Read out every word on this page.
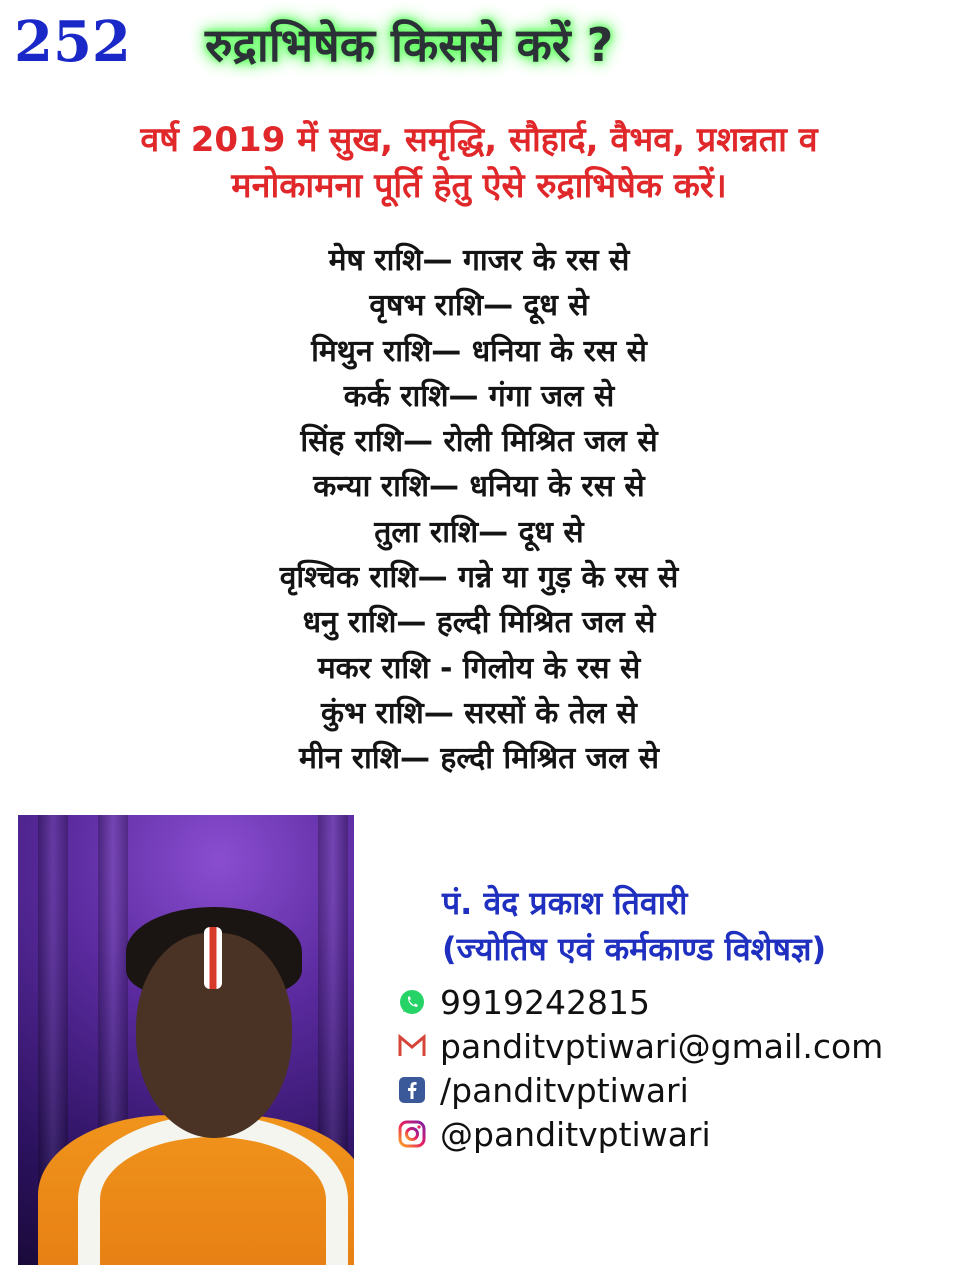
252 रुद्राभिषेक किससे करें ?
वर्ष 2019 में सुख, समृद्धि, सौहार्द, वैभव, प्रशन्नता व
मनोकामना पूर्ति हेतु ऐसे रुद्राभिषेक करें।
मेष राशि— गाजर के रस से
वृषभ राशि— दूध से
मिथुन राशि— धनिया के रस से
कर्क राशि— गंगा जल से
सिंह राशि— रोली मिश्रित जल से
कन्या राशि— धनिया के रस से
तुला राशि— दूध से
वृश्चिक राशि— गन्ने या गुड़ के रस से
धनु राशि— हल्दी मिश्रित जल से
मकर राशि - गिलोय के रस से
कुंभ राशि— सरसों के तेल से
मीन राशि— हल्दी मिश्रित जल से
पं. वेद प्रकाश तिवारी
(ज्योतिष एवं कर्मकाण्ड विशेषज्ञ)
9919242815
panditvptiwari@gmail.com
/panditvptiwari
@panditvptiwari
